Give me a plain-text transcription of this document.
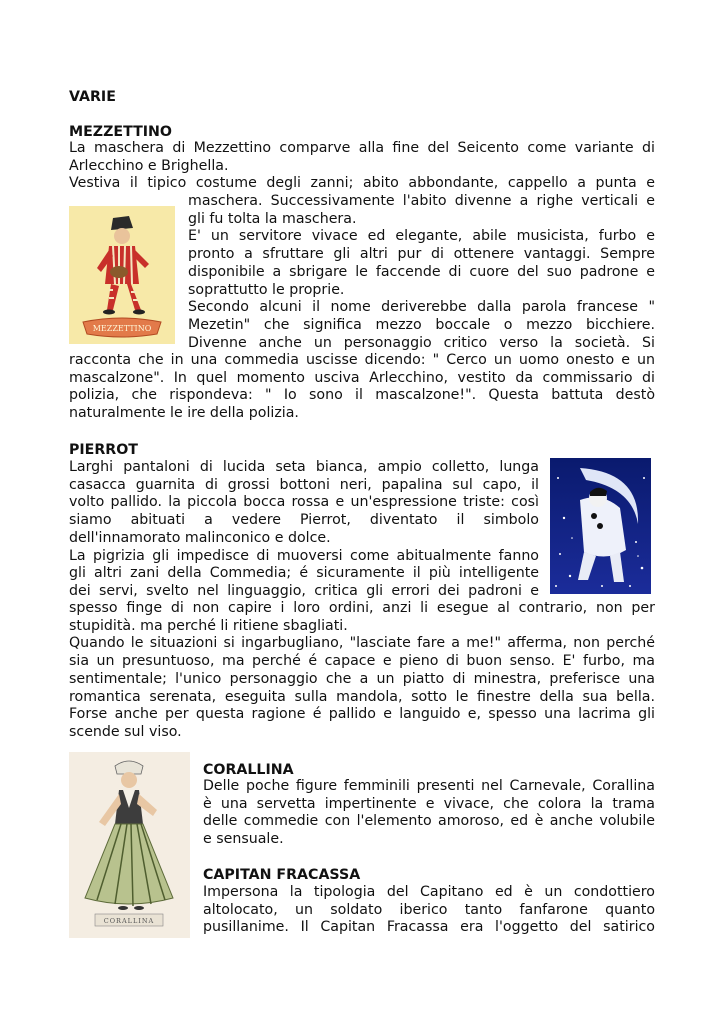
VARIE
MEZZETTINO
La maschera di Mezzettino comparve alla fine del Seicento come variante di
Arlecchino e Brighella.
Vestiva il tipico costume degli zanni; abito abbondante, cappello a punta e
maschera. Successivamente l'abito divenne a righe verticali e
gli fu tolta la maschera.
E' un servitore vivace ed elegante, abile musicista, furbo e
pronto a sfruttare gli altri pur di ottenere vantaggi. Sempre
disponibile a sbrigare le faccende di cuore del suo padrone e
soprattutto le proprie.
Secondo alcuni il nome deriverebbe dalla parola francese "
Mezetin" che significa mezzo boccale o mezzo bicchiere.
Divenne anche un personaggio critico verso la società. Si
racconta che in una commedia uscisse dicendo: " Cerco un uomo onesto e un
mascalzone". In quel momento usciva Arlecchino, vestito da commissario di
polizia, che rispondeva: " Io sono il mascalzone!". Questa battuta destò
naturalmente le ire della polizia.
MEZZETTINO
PIERROT
Larghi pantaloni di lucida seta bianca, ampio colletto, lunga
casacca guarnita di grossi bottoni neri, papalina sul capo, il
volto pallido. la piccola bocca rossa e un'espressione triste: così
siamo abituati a vedere Pierrot, diventato il simbolo
dell'innamorato malinconico e dolce.
La pigrizia gli impedisce di muoversi come abitualmente fanno
gli altri zani della Commedia; é sicuramente il più intelligente
dei servi, svelto nel linguaggio, critica gli errori dei padroni e
spesso finge di non capire i loro ordini, anzi li esegue al contrario, non per
stupidità. ma perché li ritiene sbagliati.
Quando le situazioni si ingarbugliano, "lasciate fare a me!" afferma, non perché
sia un presuntuoso, ma perché é capace e pieno di buon senso. E' furbo, ma
sentimentale; l'unico personaggio che a un piatto di minestra, preferisce una
romantica serenata, eseguita sulla mandola, sotto le finestre della sua bella.
Forse anche per questa ragione é pallido e languido e, spesso una lacrima gli
scende sul viso.
CORALLINA
CORALLINA
Delle poche figure femminili presenti nel Carnevale, Corallina
è una servetta impertinente e vivace, che colora la trama
delle commedie con l'elemento amoroso, ed è anche volubile
e sensuale.
CAPITAN FRACASSA
Impersona la tipologia del Capitano ed è un condottiero
altolocato, un soldato iberico tanto fanfarone quanto
pusillanime. Il Capitan Fracassa era l'oggetto del satirico
